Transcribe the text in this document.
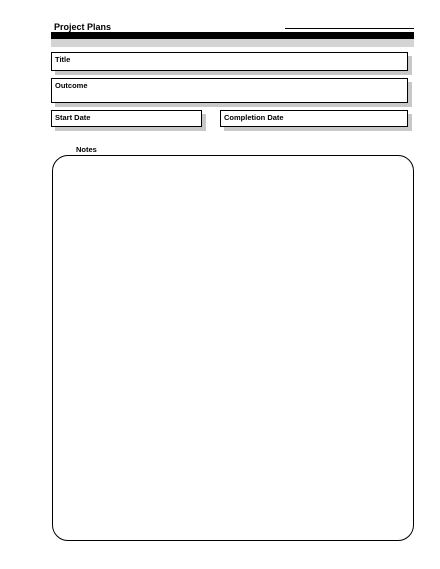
Project Plans
Title
Outcome
Start Date	Completion Date
Notes
